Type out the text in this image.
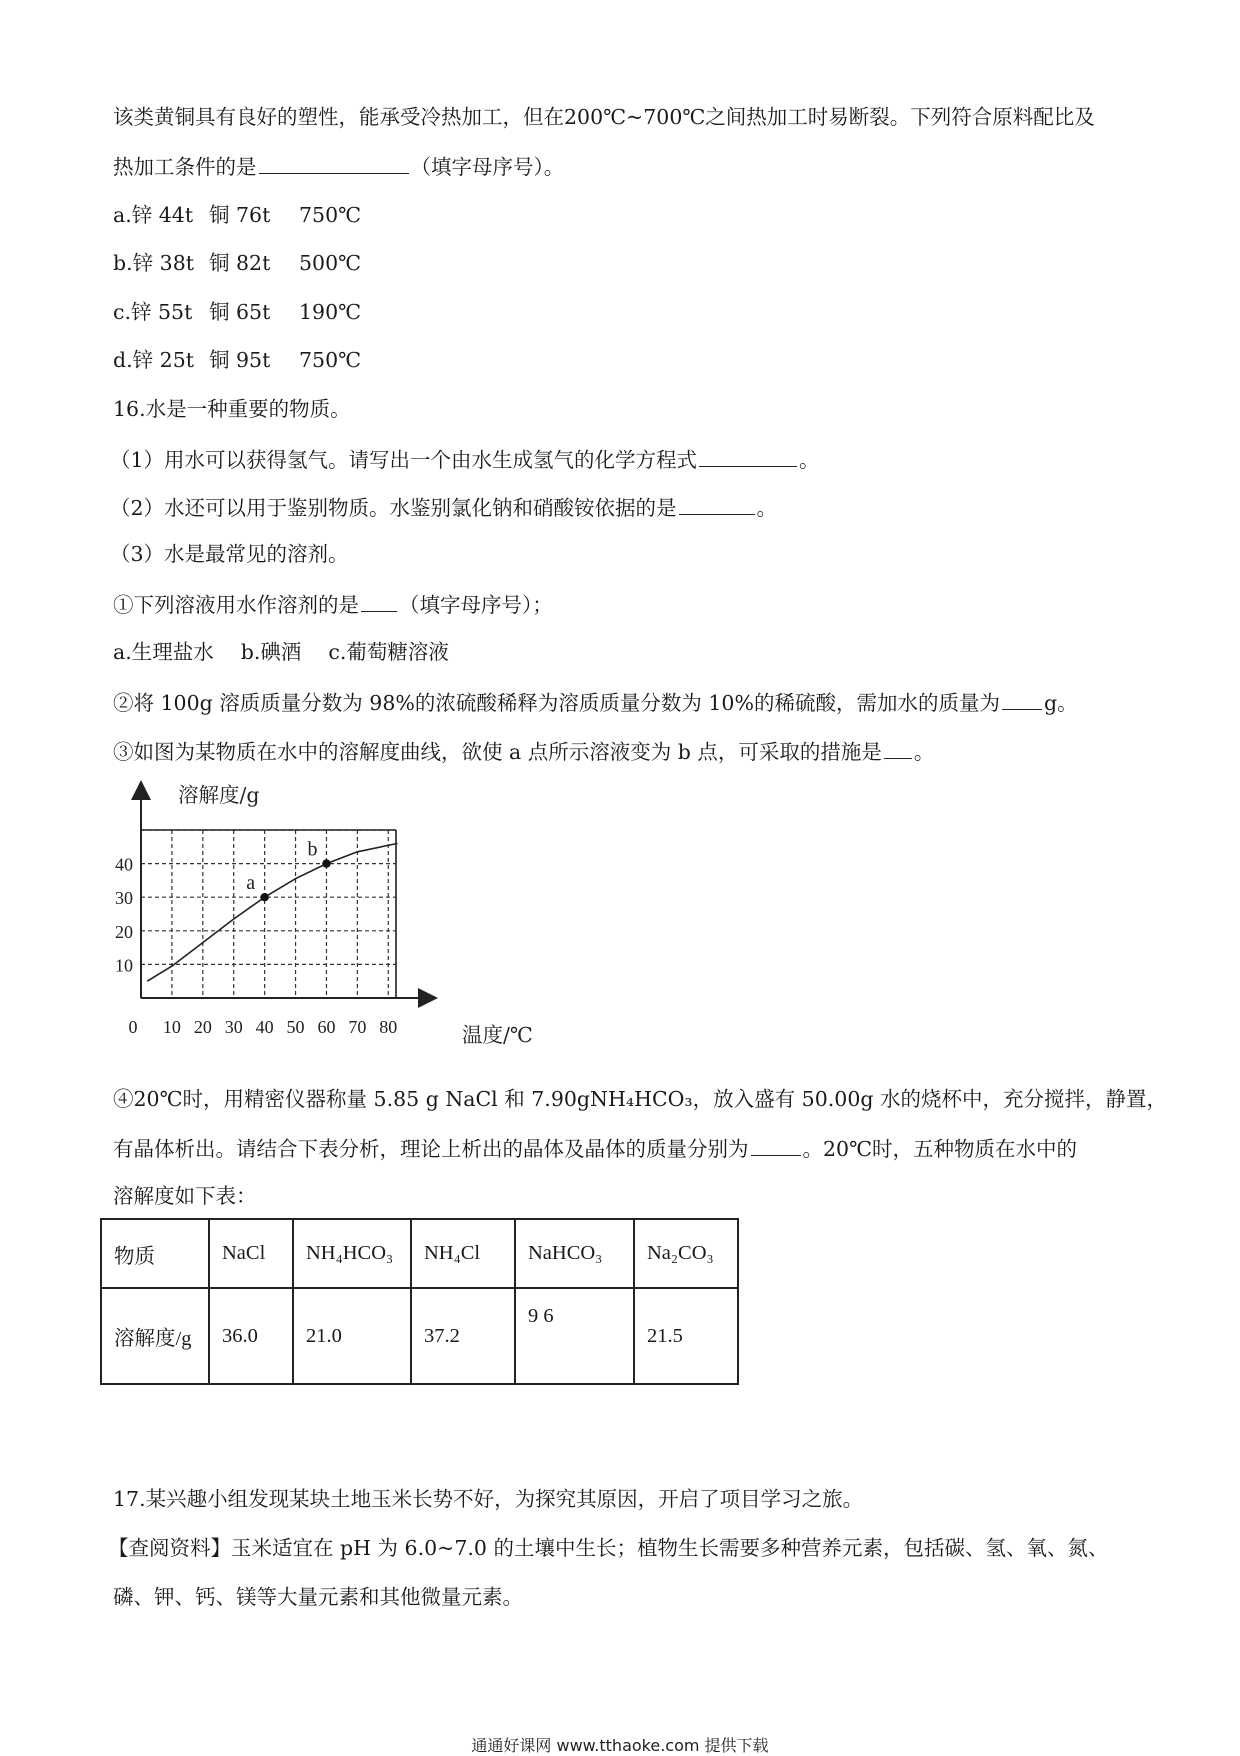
该类黄铜具有良好的塑性，能承受冷热加工，但在200℃~700℃之间热加工时易断裂。下列符合原料配比及
热加工条件的是	（填字母序号）。
a.锌 44t 铜 76t 750℃
b.锌 38t 铜 82t 500℃
c.锌 55t 铜 65t 190℃
d.锌 25t 铜 95t 750℃
16.水是一种重要的物质。
（1）用水可以获得氢气。请写出一个由水生成氢气的化学方程式	。
（2）水还可以用于鉴别物质。水鉴别氯化钠和硝酸铵依据的是	。
（3）水是最常见的溶剂。
①下列溶液用水作溶剂的是 （填字母序号）；
a.生理盐水　 b.碘酒　 c.葡萄糖溶液
②将 100g 溶质质量分数为 98%的浓硫酸稀释为溶质质量分数为 10%的稀硫酸，需加水的质量为 g。
③如图为某物质在水中的溶解度曲线，欲使 a 点所示溶液变为 b 点，可采取的措施是 。
0 10 20 30 40 50 60 70 80
10
20
30
40
a
b
溶解度/g
温度/℃
④20℃时，用精密仪器称量 5.85 g NaCl 和 7.90gNH₄HCO₃，放入盛有 50.00g 水的烧杯中，充分搅拌，静置，
有晶体析出。请结合下表分析，理论上析出的晶体及晶体的质量分别为	。20℃时，五种物质在水中的
溶解度如下表：
物质	NaCl	NH₄HCO₃	NH₄Cl	NaHCO₃	Na₂CO₃
溶解度/g	36.0	21.0	37.2	9 6	21.5
17.某兴趣小组发现某块土地玉米长势不好，为探究其原因，开启了项目学习之旅。
【查阅资料】玉米适宜在 pH 为 6.0~7.0 的土壤中生长；植物生长需要多种营养元素，包括碳、氢、氧、氮、
磷、钾、钙、镁等大量元素和其他微量元素。
通通好课网 www.tthaoke.com 提供下载
